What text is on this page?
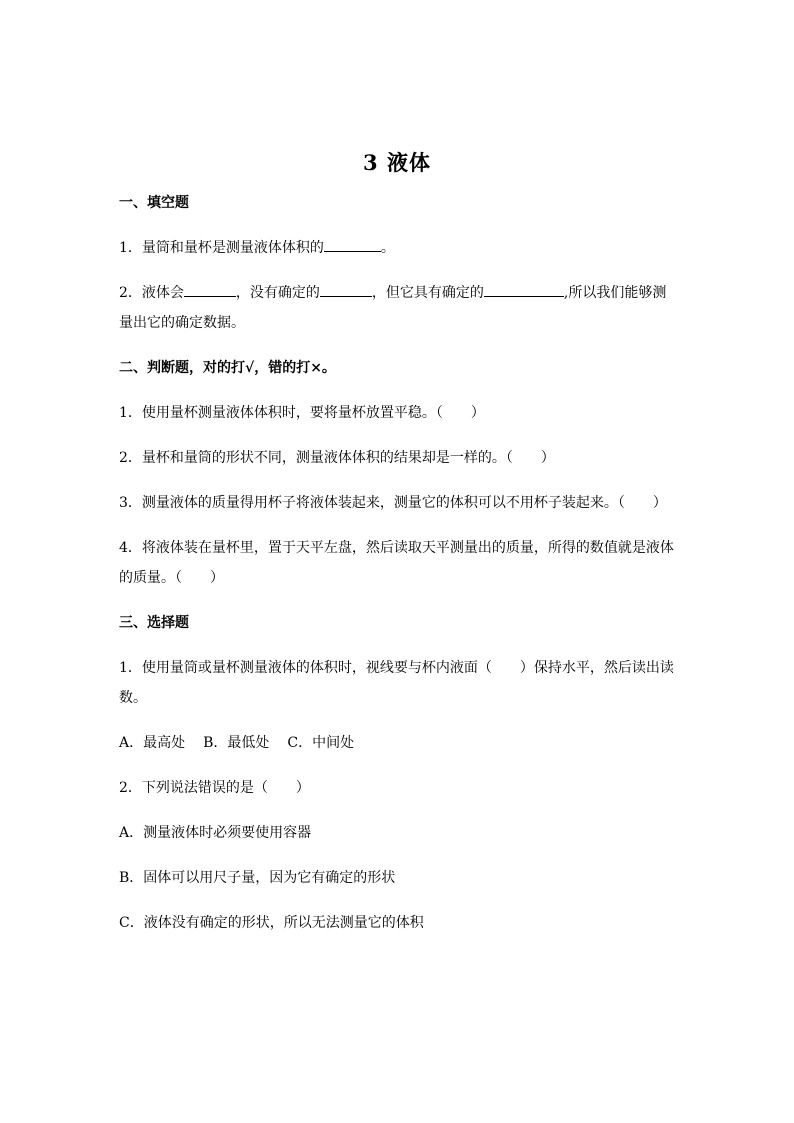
3 液体
一、填空题
1．量筒和量杯是测量液体体积的	。
2．液体会	，没有确定的	，但它具有确定的	,所以我们能够测量出它的确定数据。
二、判断题，对的打√，错的打×。
1．使用量杯测量液体体积时，要将量杯放置平稳。（　　）
2．量杯和量筒的形状不同，测量液体体积的结果却是一样的。（　　）
3．测量液体的质量得用杯子将液体装起来，测量它的体积可以不用杯子装起来。（　　）
4．将液体装在量杯里，置于天平左盘，然后读取天平测量出的质量，所得的数值就是液体的质量。（　　）
三、选择题
1．使用量筒或量杯测量液体的体积时，视线要与杯内液面（　　）保持水平，然后读出读数。
A．最高处 B．最低处 C．中间处
2．下列说法错误的是（　　）
A．测量液体时必须要使用容器
B．固体可以用尺子量，因为它有确定的形状
C．液体没有确定的形状，所以无法测量它的体积
